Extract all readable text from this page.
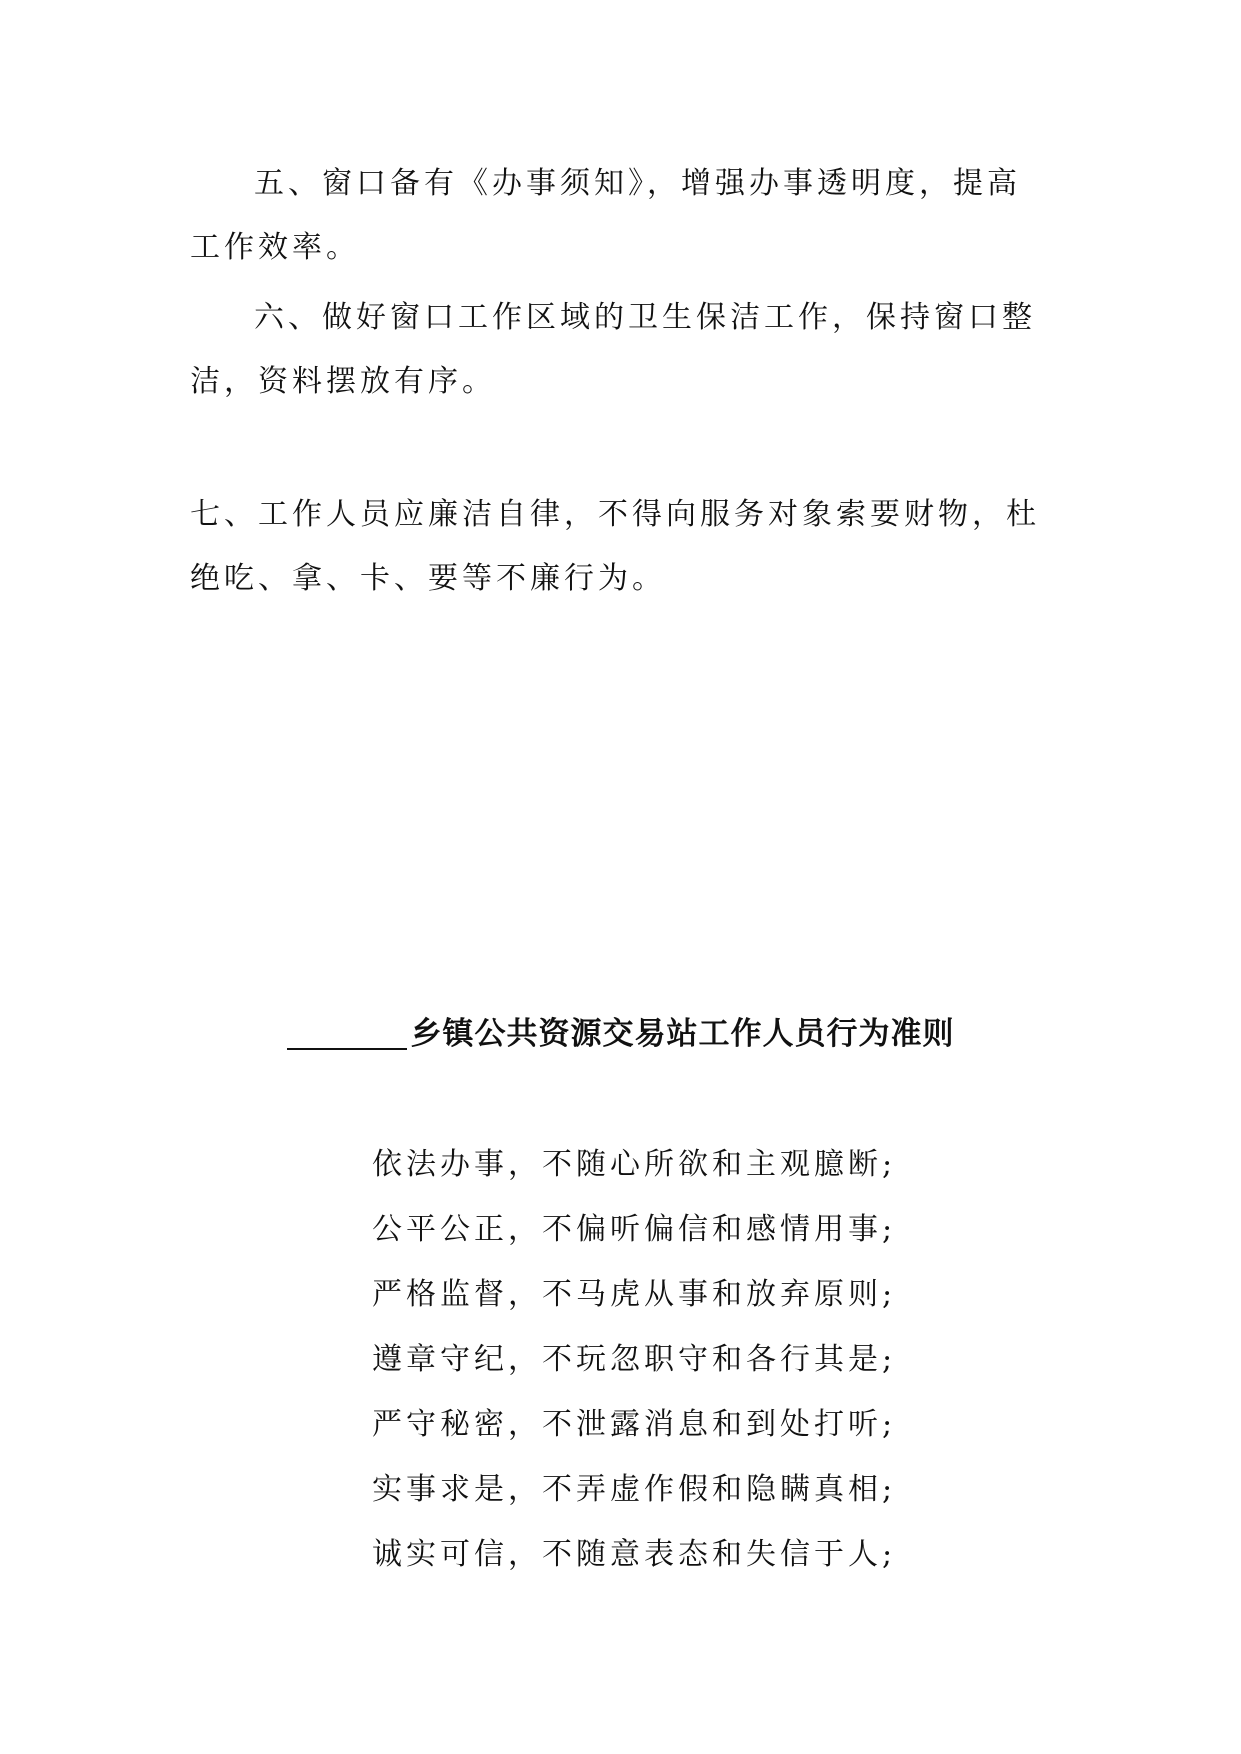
五、窗口备有《办事须知》，增强办事透明度，提高工作效率。

六、做好窗口工作区域的卫生保洁工作，保持窗口整洁，资料摆放有序。

七、工作人员应廉洁自律，不得向服务对象索要财物，杜绝吃、拿、卡、要等不廉行为。

乡镇公共资源交易站工作人员行为准则
依法办事，不随心所欲和主观臆断;
公平公正，不偏听偏信和感情用事;
严格监督，不马虎从事和放弃原则;
遵章守纪，不玩忽职守和各行其是;
严守秘密，不泄露消息和到处打听;
实事求是，不弄虚作假和隐瞒真相;
诚实可信，不随意表态和失信于人;
